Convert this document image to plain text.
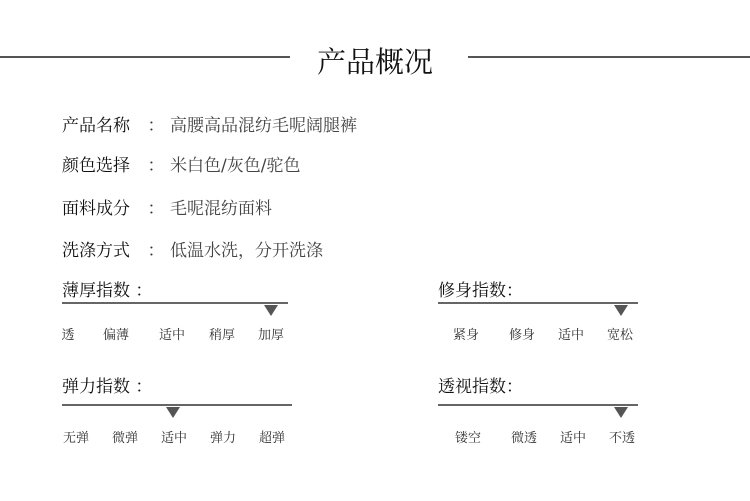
产品概况
产品名称 ： 高腰高品混纺毛呢阔腿裤
颜色选择 ： 米白色/灰色/驼色
面料成分 ： 毛呢混纺面料
洗涤方式 ： 低温水洗，分开洗涤
薄厚指数 ：
透 偏薄 适中 稍厚 加厚
修身指数：
紧身 修身 适中 宽松
弹力指数 ：
无弹 微弹 适中 弹力 超弹
透视指数：
镂空 微透 适中 不透
